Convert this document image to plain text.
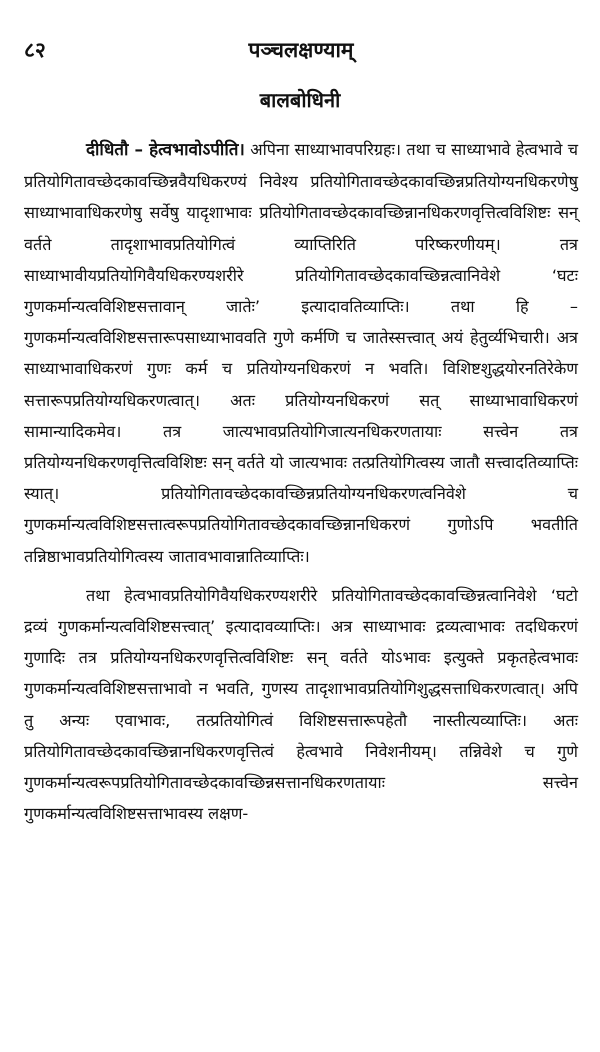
८२	पञ्चलक्षण्याम्
बालबोधिनी

दीधितौ – हेत्वभावोऽपीति। अपिना साध्याभावपरिग्रहः। तथा च साध्याभावे हेत्वभावे च प्रतियोगितावच्छेदकावच्छिन्नवैयधिकरण्यं निवेश्य प्रतियोगितावच्छेदकावच्छिन्नप्रतियोग्यनधिकरणेषु साध्याभावाधिकरणेषु सर्वेषु यादृशाभावः प्रतियोगितावच्छेदकावच्छिन्नानधिकरणवृत्तित्वविशिष्टः सन् वर्तते तादृशाभावप्रतियोगित्वं व्याप्तिरिति परिष्करणीयम्। तत्र साध्याभावीयप्रतियोगिवैयधिकरण्यशरीरे प्रतियोगितावच्छेदकावच्छिन्नत्वानिवेशे ‘घटः गुणकर्मान्यत्वविशिष्टसत्तावान् जातेः’ इत्यादावतिव्याप्तिः। तथा हि – गुणकर्मान्यत्वविशिष्टसत्तारूपसाध्याभाववति गुणे कर्मणि च जातेस्सत्त्वात् अयं हेतुर्व्यभिचारी। अत्र साध्याभावाधिकरणं गुणः कर्म च प्रतियोग्यनधिकरणं न भवति। विशिष्टशुद्धयोरनतिरेकेण सत्तारूपप्रतियोग्यधिकरणत्वात्। अतः प्रतियोग्यनधिकरणं सत् साध्याभावाधिकरणं सामान्यादिकमेव। तत्र जात्यभावप्रतियोगिजात्यनधिकरणतायाः सत्त्वेन तत्र प्रतियोग्यनधिकरणवृत्तित्वविशिष्टः सन् वर्तते यो जात्यभावः तत्प्रतियोगित्वस्य जातौ सत्त्वादतिव्याप्तिः स्यात्। प्रतियोगितावच्छेदकावच्छिन्नप्रतियोग्यनधिकरणत्वनिवेशे च गुणकर्मान्यत्वविशिष्टसत्तात्वरूपप्रतियोगितावच्छेदकावच्छिन्नानधिकरणं गुणोऽपि भवतीति तन्निष्ठाभावप्रतियोगित्वस्य जातावभावान्नातिव्याप्तिः।

तथा हेत्वभावप्रतियोगिवैयधिकरण्यशरीरे प्रतियोगितावच्छेदकावच्छिन्नत्वानिवेशे ‘घटो द्रव्यं गुणकर्मान्यत्वविशिष्टसत्त्वात्’ इत्यादावव्याप्तिः। अत्र साध्याभावः द्रव्यत्वाभावः तदधिकरणं गुणादिः तत्र प्रतियोग्यनधिकरणवृत्तित्वविशिष्टः सन् वर्तते योऽभावः इत्युक्ते प्रकृतहेत्वभावः गुणकर्मान्यत्वविशिष्टसत्ताभावो न भवति, गुणस्य तादृशाभावप्रतियोगिशुद्धसत्ताधिकरणत्वात्। अपि तु अन्यः एवाभावः, तत्प्रतियोगित्वं विशिष्टसत्तारूपहेतौ नास्तीत्यव्याप्तिः। अतः प्रतियोगितावच्छेदकावच्छिन्नानधिकरणवृत्तित्वं हेत्वभावे निवेशनीयम्। तन्निवेशे च गुणे गुणकर्मान्यत्वरूपप्रतियोगितावच्छेदकावच्छिन्नसत्तानधिकरणतायाः सत्त्वेन गुणकर्मान्यत्वविशिष्टसत्ताभावस्य लक्षण-
